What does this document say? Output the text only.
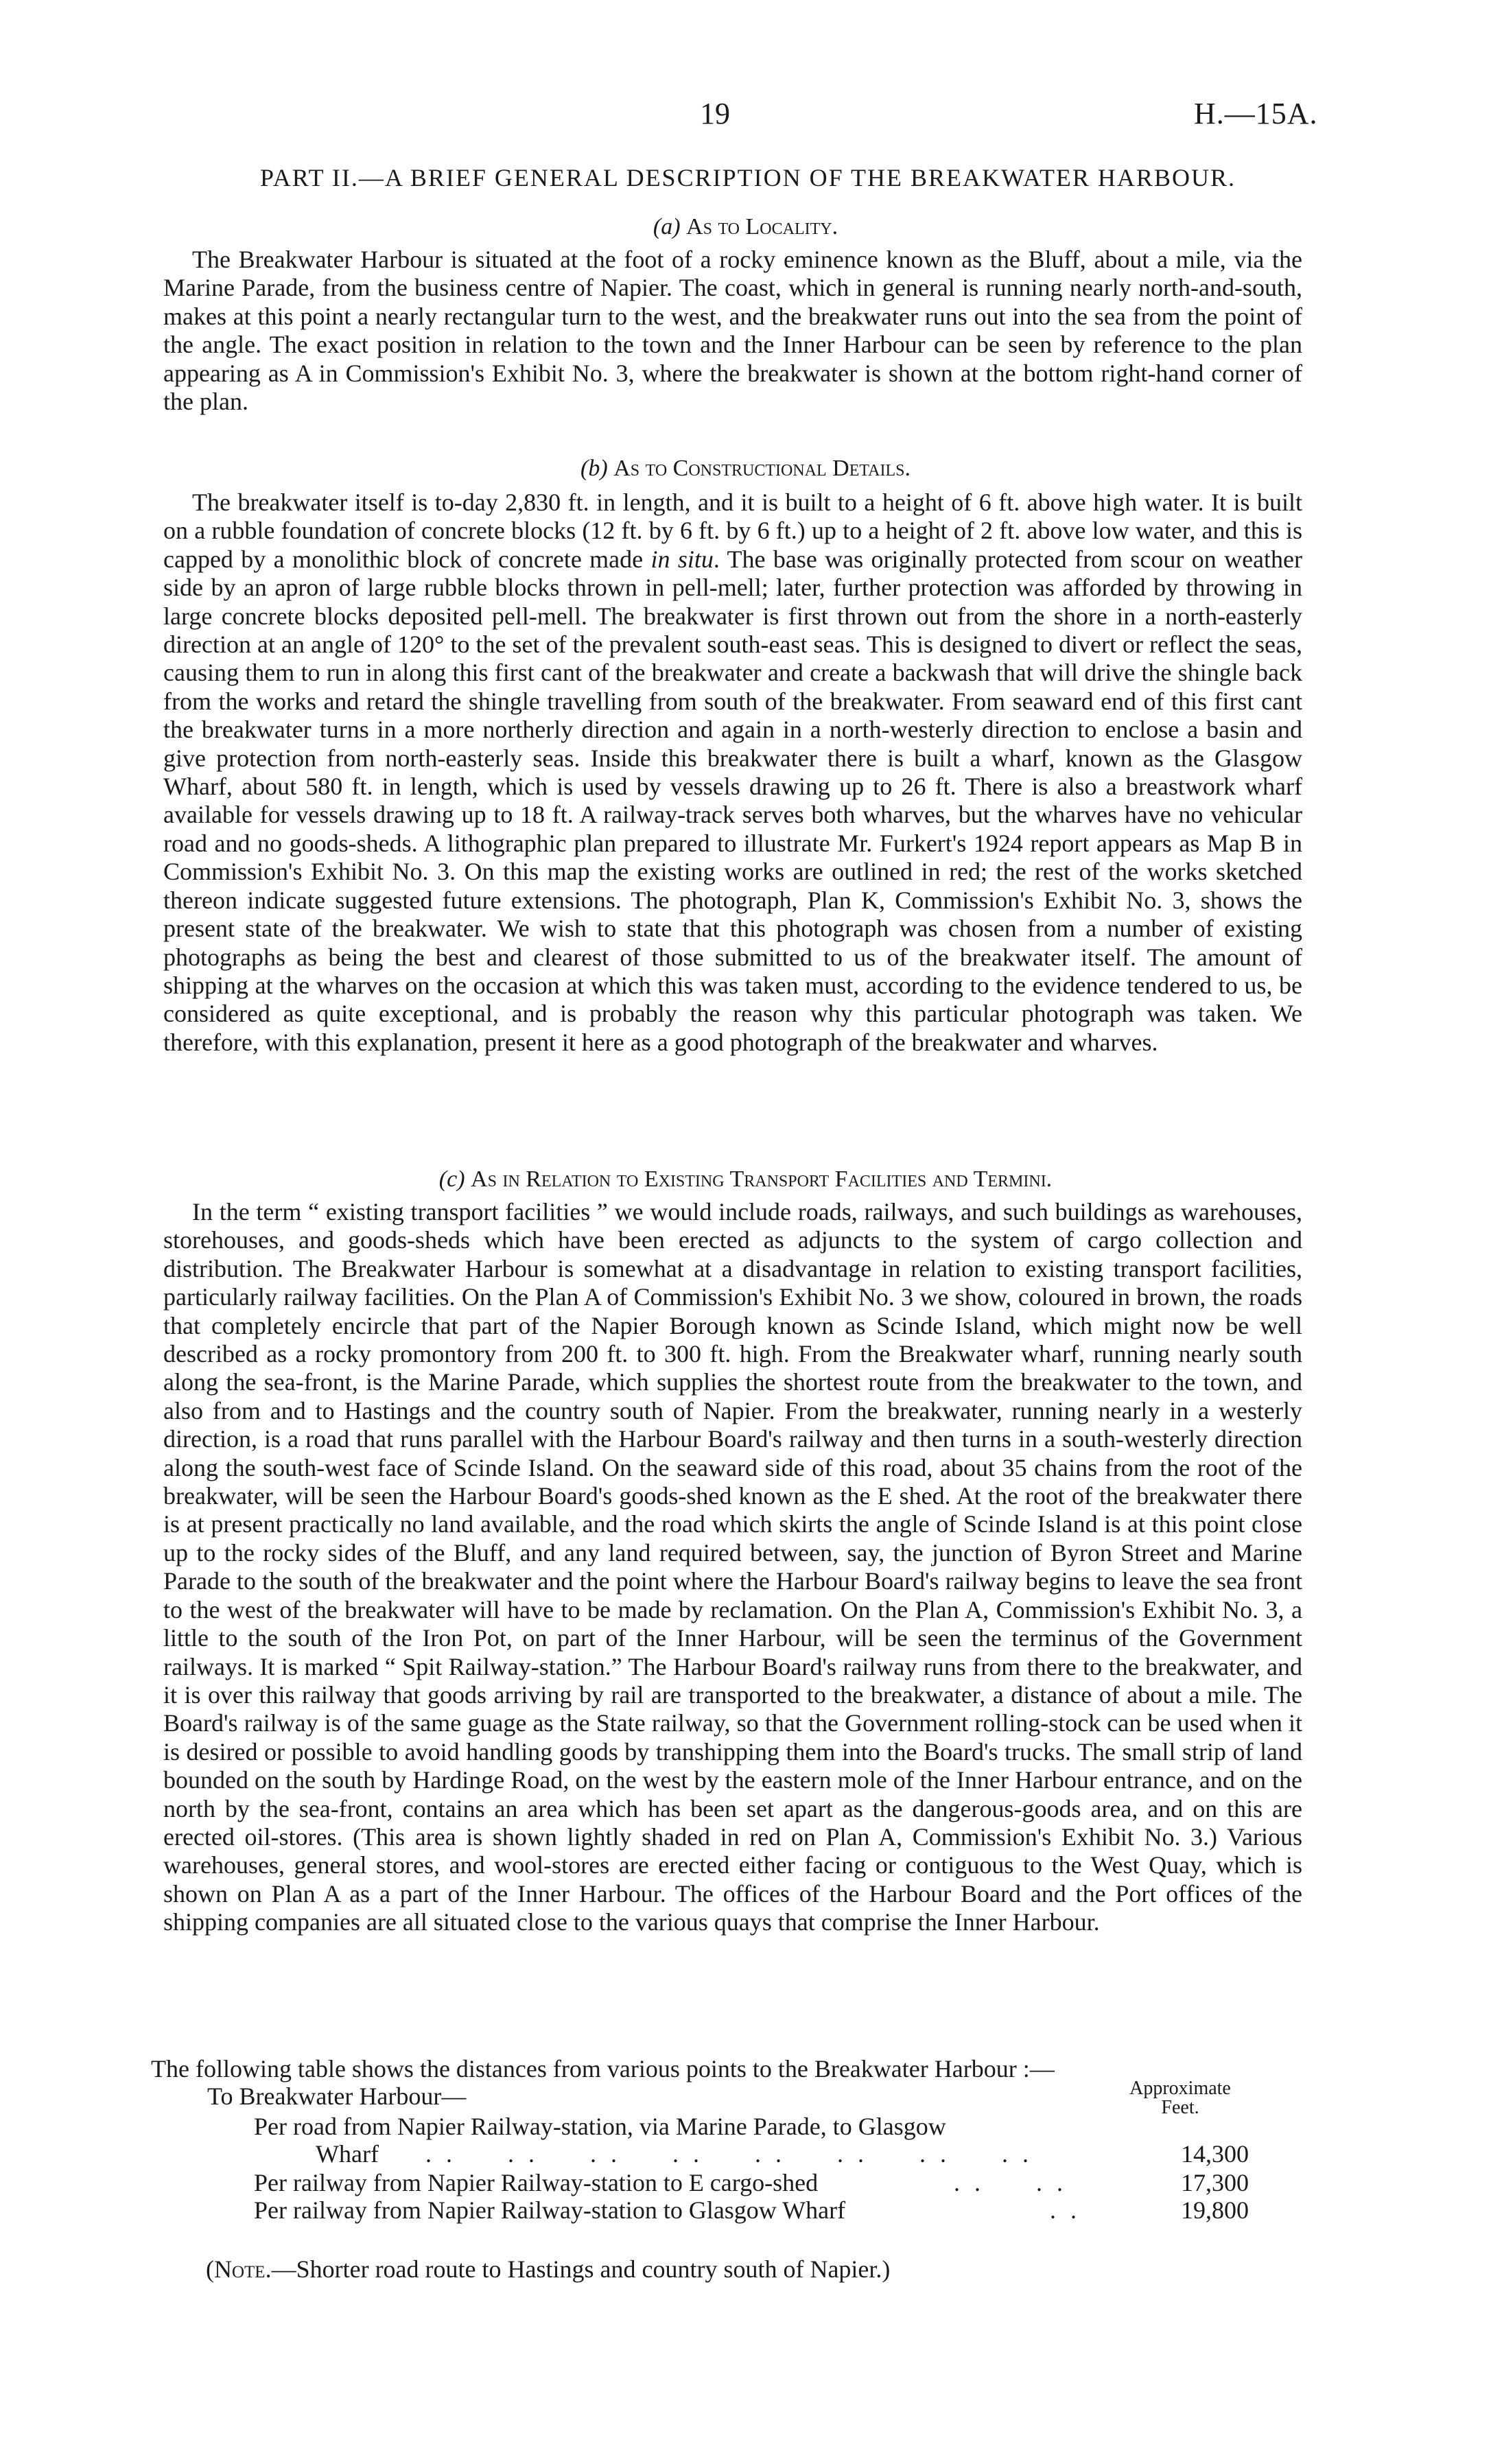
19	H.—15A.
PART II.—A BRIEF GENERAL DESCRIPTION OF THE BREAKWATER HARBOUR.
(a) As to Locality.

The Breakwater Harbour is situated at the foot of a rocky eminence known as the Bluff, about a mile, via the Marine Parade, from the business centre of Napier. The coast, which in general is running nearly north-and-south, makes at this point a nearly rectangular turn to the west, and the breakwater runs out into the sea from the point of the angle. The exact position in relation to the town and the Inner Harbour can be seen by reference to the plan appearing as A in Commission's Exhibit No. 3, where the breakwater is shown at the bottom right-hand corner of the plan.

(b) As to Constructional Details.

The breakwater itself is to-day 2,830 ft. in length, and it is built to a height of 6 ft. above high water. It is built on a rubble foundation of concrete blocks (12 ft. by 6 ft. by 6 ft.) up to a height of 2 ft. above low water, and this is capped by a monolithic block of concrete made in situ. The base was originally protected from scour on weather side by an apron of large rubble blocks thrown in pell-mell; later, further protection was afforded by throwing in large concrete blocks deposited pell-mell. The breakwater is first thrown out from the shore in a north-easterly direction at an angle of 120° to the set of the prevalent south-east seas. This is designed to divert or reflect the seas, causing them to run in along this first cant of the breakwater and create a backwash that will drive the shingle back from the works and retard the shingle travelling from south of the breakwater. From seaward end of this first cant the breakwater turns in a more northerly direction and again in a north-westerly direction to enclose a basin and give protection from north-easterly seas. Inside this breakwater there is built a wharf, known as the Glasgow Wharf, about 580 ft. in length, which is used by vessels drawing up to 26 ft. There is also a breastwork wharf available for vessels drawing up to 18 ft. A railway-track serves both wharves, but the wharves have no vehicular road and no goods-sheds. A lithographic plan prepared to illustrate Mr. Furkert's 1924 report appears as Map B in Commission's Exhibit No. 3. On this map the existing works are outlined in red; the rest of the works sketched thereon indicate suggested future extensions. The photograph, Plan K, Commission's Exhibit No. 3, shows the present state of the breakwater. We wish to state that this photograph was chosen from a number of existing photographs as being the best and clearest of those submitted to us of the breakwater itself. The amount of shipping at the wharves on the occasion at which this was taken must, according to the evidence tendered to us, be considered as quite exceptional, and is probably the reason why this particular photograph was taken. We therefore, with this explanation, present it here as a good photograph of the breakwater and wharves.

(c) As in Relation to Existing Transport Facilities and Termini.

In the term “ existing transport facilities ” we would include roads, railways, and such buildings as warehouses, storehouses, and goods-sheds which have been erected as adjuncts to the system of cargo collection and distribution. The Breakwater Harbour is somewhat at a disadvantage in relation to existing transport facilities, particularly railway facilities. On the Plan A of Commission's Exhibit No. 3 we show, coloured in brown, the roads that completely encircle that part of the Napier Borough known as Scinde Island, which might now be well described as a rocky promontory from 200 ft. to 300 ft. high. From the Breakwater wharf, running nearly south along the sea-front, is the Marine Parade, which supplies the shortest route from the breakwater to the town, and also from and to Hastings and the country south of Napier. From the breakwater, running nearly in a westerly direction, is a road that runs parallel with the Harbour Board's railway and then turns in a south-westerly direction along the south-west face of Scinde Island. On the seaward side of this road, about 35 chains from the root of the breakwater, will be seen the Harbour Board's goods-shed known as the E shed. At the root of the breakwater there is at present practically no land available, and the road which skirts the angle of Scinde Island is at this point close up to the rocky sides of the Bluff, and any land required between, say, the junction of Byron Street and Marine Parade to the south of the breakwater and the point where the Harbour Board's railway begins to leave the sea front to the west of the breakwater will have to be made by reclamation. On the Plan A, Commission's Exhibit No. 3, a little to the south of the Iron Pot, on part of the Inner Harbour, will be seen the terminus of the Government railways. It is marked “ Spit Railway-station.” The Harbour Board's railway runs from there to the breakwater, and it is over this railway that goods arriving by rail are transported to the breakwater, a distance of about a mile. The Board's railway is of the same guage as the State railway, so that the Government rolling-stock can be used when it is desired or possible to avoid handling goods by transhipping them into the Board's trucks. The small strip of land bounded on the south by Hardinge Road, on the west by the eastern mole of the Inner Harbour entrance, and on the north by the sea-front, contains an area which has been set apart as the dangerous-goods area, and on this are erected oil-stores. (This area is shown lightly shaded in red on Plan A, Commission's Exhibit No. 3.) Various warehouses, general stores, and wool-stores are erected either facing or contiguous to the West Quay, which is shown on Plan A as a part of the Inner Harbour. The offices of the Harbour Board and the Port offices of the shipping companies are all situated close to the various quays that comprise the Inner Harbour.

The following table shows the distances from various points to the Breakwater Harbour :—
To Breakwater Harbour—	Approximate
Feet.
Per road from Napier Railway-station, via Marine Parade, to Glasgow
Wharf . .     . .     . .     . .     . .     . .     . .     . .	14,300
Per railway from Napier Railway-station to E cargo-shed	. .     . .	17,300
Per railway from Napier Railway-station to Glasgow Wharf	. .	19,800
(Note.—Shorter road route to Hastings and country south of Napier.)
